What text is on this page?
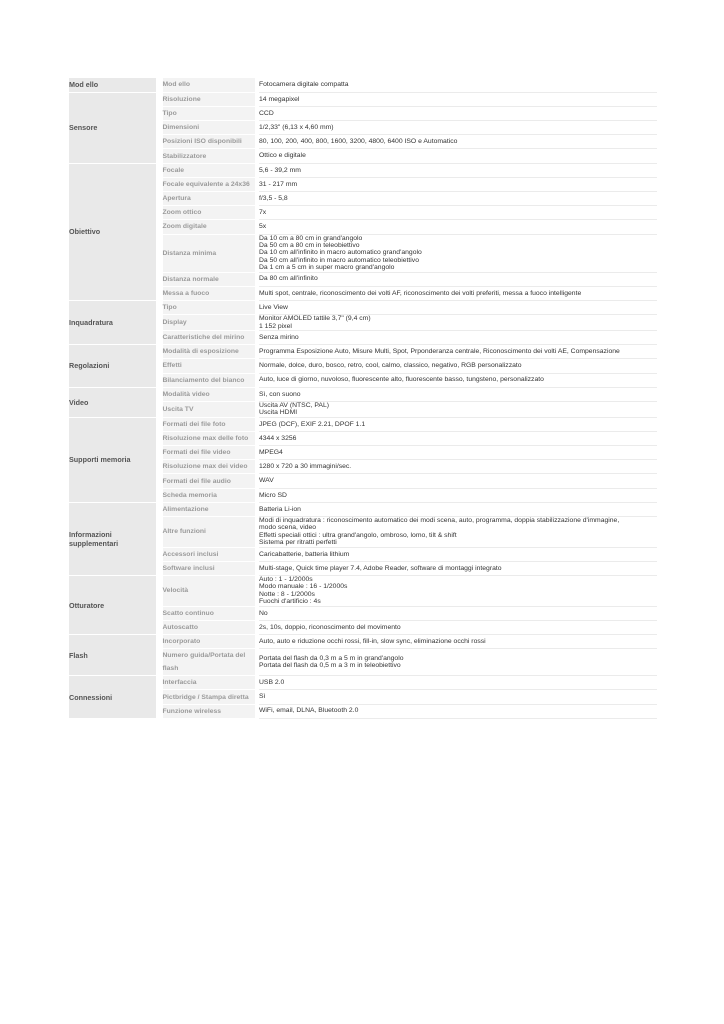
Mod ello	Mod ello	Fotocamera digitale compatta
Sensore	Risoluzione	14 megapixel
	Tipo	CCD
	Dimensioni	1/2,33" (6,13 x 4,60 mm)
	Posizioni ISO disponibili	80, 100, 200, 400, 800, 1600, 3200, 4800, 6400 ISO e Automatico
	Stabilizzatore	Ottico e digitale
Obiettivo	Focale	5,6 - 39,2 mm
	Focale equivalente a 24x36	31 - 217 mm
	Apertura	f/3,5 - 5,8
	Zoom ottico	7x
	Zoom digitale	5x
	Distanza minima	Da 10 cm a 80 cm in grand'angolo
Da 50 cm a 80 cm in teleobiettivo
Da 10 cm all'infinito in macro automatico grand'angolo
Da 50 cm all'infinito in macro automatico teleobiettivo
Da 1 cm a 5 cm in super macro grand'angolo
	Distanza normale	Da 80 cm all'infinito
	Messa a fuoco	Multi spot, centrale, riconoscimento dei volti AF, riconoscimento dei volti preferiti, messa a fuoco intelligente
Inquadratura	Tipo	Live View
	Display	Monitor AMOLED tattile 3,7" (9,4 cm)
1 152 pixel
	Caratteristiche del mirino	Senza mirino
Regolazioni	Modalità di esposizione	Programma Esposizione Auto, Misure Multi, Spot, Prponderanza centrale, Riconoscimento dei volti AE, Compensazione
	Effetti	Normale, dolce, duro, bosco, retro, cool, calmo, classico, negativo, RGB personalizzato
	Bilanciamento del bianco	Auto, luce di giorno, nuvoloso, fluorescente alto, fluorescente basso, tungsteno, personalizzato
Video	Modalità video	Sì, con suono
	Uscita TV	Uscita AV (NTSC, PAL)
Uscita HDMI
Supporti memoria	Formati dei file foto	JPEG (DCF), EXIF 2.21, DPOF 1.1
	Risoluzione max delle foto	4344 x 3256
	Formati dei file video	MPEG4
	Risoluzione max dei video	1280 x 720 a 30 immagini/sec.
	Formati dei file audio	WAV
	Scheda memoria	Micro SD
Informazioni supplementari	Alimentazione	Batteria Li-ion
	Altre funzioni	Modi di inquadratura : riconoscimento automatico dei modi scena, auto, programma, doppia stabilizzazione d'immagine,
modo scena, video
Effetti speciali ottici : ultra grand'angolo, ombroso, lomo, tilt & shift
Sistema per ritratti perfetti
	Accessori inclusi	Caricabatterie, batteria lithium
	Software inclusi	Multi-stage, Quick time player 7.4, Adobe Reader, software di montaggi integrato
Otturatore	Velocità	Auto : 1 - 1/2000s
Modo manuale : 16 - 1/2000s
Notte : 8 - 1/2000s
Fuochi d'artificio : 4s
	Scatto continuo	No
	Autoscatto	2s, 10s, doppio, riconoscimento del movimento
Flash	Incorporato	Auto, auto e riduzione occhi rossi, fill-in, slow sync, eliminazione occhi rossi
	Numero guida/Portata del flash	Portata del flash da 0,3 m a 5 m in grand'angolo
Portata del flash da 0,5 m a 3 m in teleobiettivo
Connessioni	Interfaccia	USB 2.0
	Pictbridge / Stampa diretta	Sì
	Funzione wireless	WiFi, email, DLNA, Bluetooth 2.0
